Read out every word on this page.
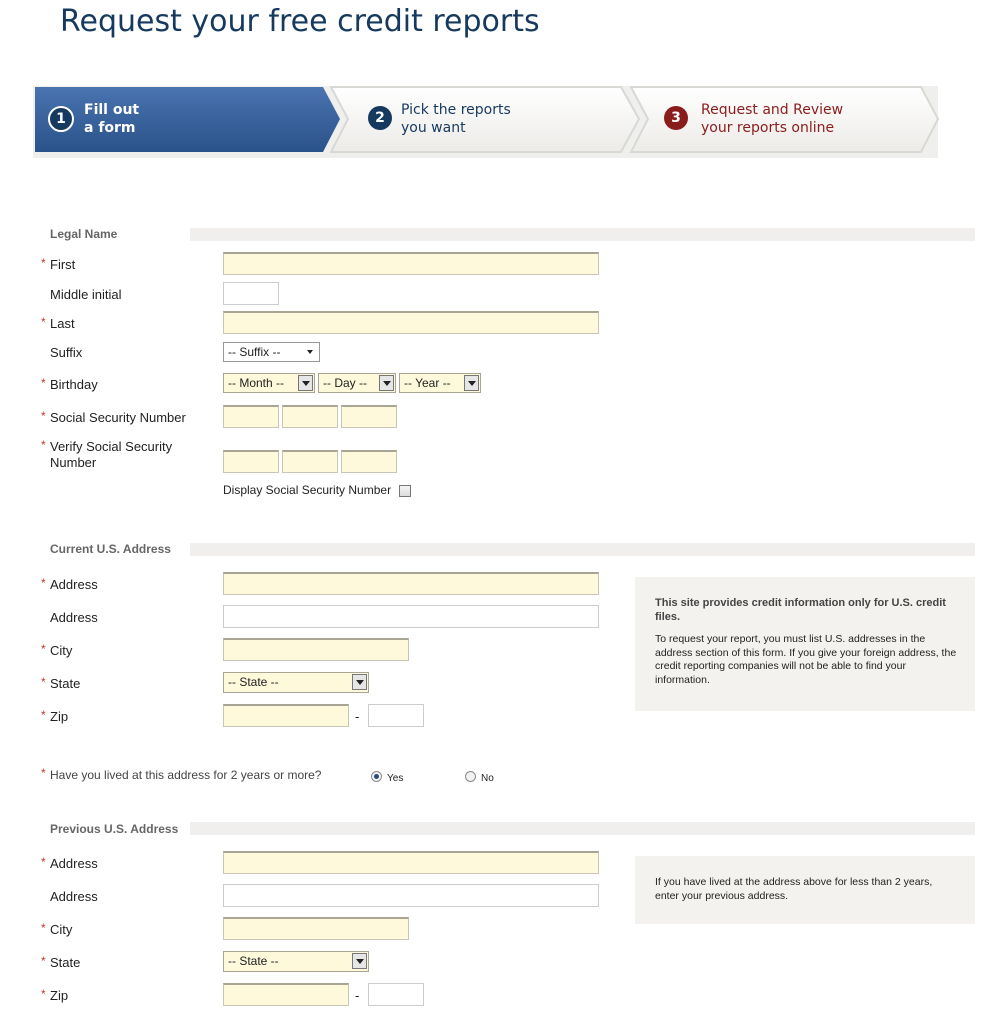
Request your free credit reports
1
Fill out
a form
2	Pick the reports
you want
3	Request and Review
your reports online
Legal Name
* First
Middle initial
* Last
Suffix	-- Suffix --
* Birthday	-- Month --	-- Day --	-- Year --
* Social Security Number
* Verify Social Security
Number
Display Social Security Number
Current U.S. Address
* Address
Address
* City
* State	-- State --
* Zip	-
This site provides credit information only for U.S. credit files.
To request your report, you must list U.S. addresses in the address section of this form. If you give your foreign address, the credit reporting companies will not be able to find your information.
* Have you lived at this address for 2 years or more?	Yes	No
Previous U.S. Address
* Address
Address
* City
* State	-- State --
* Zip	-
If you have lived at the address above for less than 2 years, enter your previous address.
